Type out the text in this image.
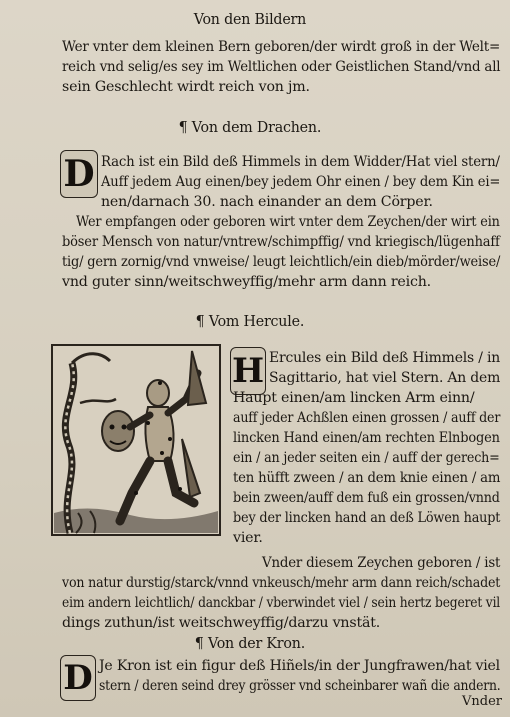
Von den Bildern
Wer vnter dem kleinen Bern geboren/der wirdt groß in der Welt=
reich vnd selig/es sey im Weltlichen oder Geistlichen Stand/vnd all
sein Geschlecht wirdt reich von jm.
¶ Von dem Drachen.
D Rach ist ein Bild deß Himmels in dem Widder/Hat viel stern/
Auff jedem Aug einen/bey jedem Ohr einen / bey dem Kin ei=
nen/darnach 30. nach einander an dem Cörper.
Wer empfangen oder geboren wirt vnter dem Zeychen/der wirt ein
böser Mensch von natur/vntrew/schimpffig/ vnd kriegisch/lügenhaff
tig/ gern zornig/vnd vnweise/ leugt leichtlich/ein dieb/mörder/weise/
vnd guter sinn/weitschweyffig/mehr arm dann reich.
¶ Vom Hercule.
H Ercules ein Bild deß Himmels / in
Sagittario, hat viel Stern. An dem
Haupt einen/am lincken Arm einn/
auff jeder Achßlen einen grossen / auff der
lincken Hand einen/am rechten Elnbogen
ein / an jeder seiten ein / auff der gerech=
ten hüfft zween / an dem knie einen / am
bein zween/auff dem fuß ein grossen/vnnd
bey der lincken hand an deß Löwen haupt
vier.
Vnder diesem Zeychen geboren / ist
von natur durstig/starck/vnnd vnkeusch/mehr arm dann reich/schadet
eim andern leichtlich/ danckbar / vberwindet viel / sein hertz begeret vil
dings zuthun/ist weitschweyffig/darzu vnstät.
¶ Von der Kron.
D Je Kron ist ein figur deß Hiñels/in der Jungfrawen/hat viel
stern / deren seind drey grösser vnd scheinbarer wañ die andern.
Vnder
